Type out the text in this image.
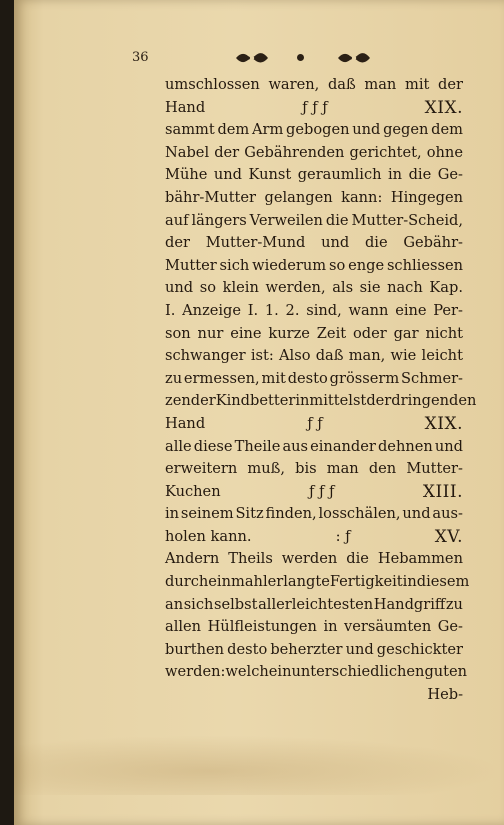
36
umschlossen waren, daß man mit der
Hand	ƒ ƒ ƒ	XIX.
sammt dem Arm gebogen und gegen dem
Nabel der Gebährenden gerichtet, ohne
Mühe und Kunst geraumlich in die Ge-
bähr-Mutter gelangen kann: Hingegen
auf längers Verweilen die Mutter-Scheid,
der Mutter-Mund und die Gebähr-
Mutter sich wiederum so enge schliessen
und so klein werden, als sie nach Kap.
I. Anzeige I. 1. 2. sind, wann eine Per-
son nur eine kurze Zeit oder gar nicht
schwanger ist: Also daß man, wie leicht
zu ermessen, mit desto grösserm Schmer-
zen der Kindbetterin mittelst der dringenden
Hand	ƒ ƒ	XIX.
alle diese Theile aus einander dehnen und
erweitern muß, bis man den Mutter-
Kuchen	ƒ ƒ ƒ	XIII.
in seinem Sitz finden, losschälen, und aus-
holen kann.	: ƒ	XV.
Andern Theils werden die Hebammen
durch einmahl erlangte Fertigkeit in diesem
an sich selbst allerleichtesten Handgriff zu
allen Hülfleistungen in versäumten Ge-
burthen desto beherzter und geschickter
werden: welche in unterschiedlichen guten
Heb-
